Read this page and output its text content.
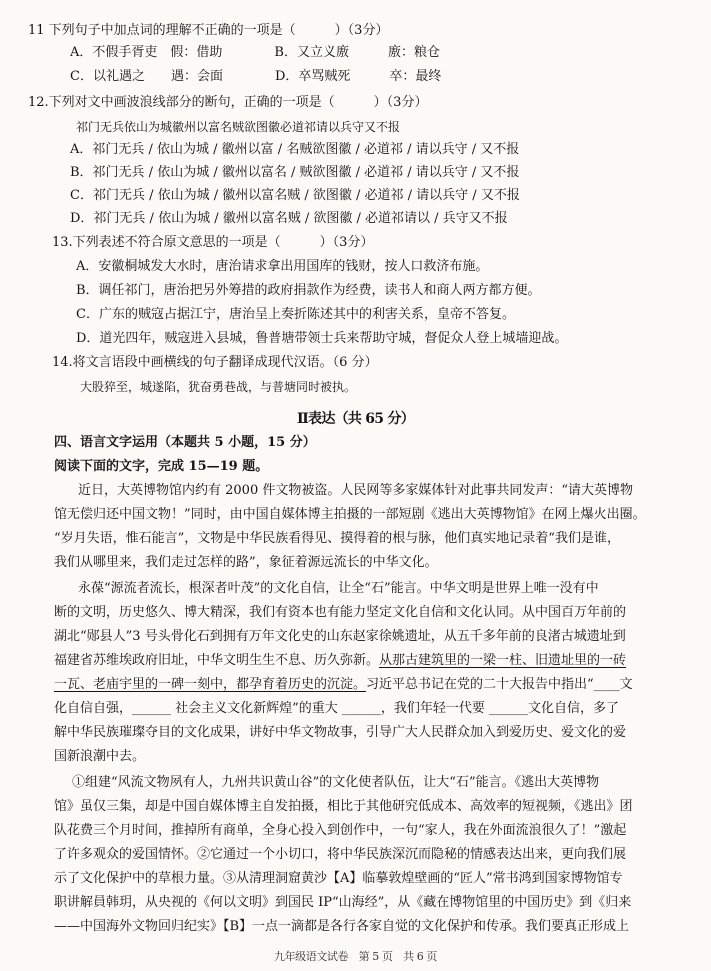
11 下列句子中加点词的理解不正确的一项是（　　　）（3分）
A．不假手胥吏　假：借助　　　　B．又立义廒　　　廒：粮仓
C．以礼遇之　　遇：会面　　　　D．卒骂贼死　　　卒：最终
12.下列对文中画波浪线部分的断句，正确的一项是（　　　）（3分）
祁门无兵依山为城徽州以富名贼欲图徽必道祁请以兵守又不报
A．祁门无兵 / 依山为城 / 徽州以富 / 名贼欲图徽 / 必道祁 / 请以兵守 / 又不报
B．祁门无兵 / 依山为城 / 徽州以富名 / 贼欲图徽 / 必道祁 / 请以兵守 / 又不报
C．祁门无兵 / 依山为城 / 徽州以富名贼 / 欲图徽 / 必道祁 / 请以兵守 / 又不报
D．祁门无兵 / 依山为城 / 徽州以富名贼 / 欲图徽 / 必道祁请以 / 兵守又不报
13.下列表述不符合原文意思的一项是（　　　）（3分）
A．安徽桐城发大水时，唐治请求拿出用国库的钱财，按人口救济布施。
B．调任祁门，唐治把另外筹措的政府捐款作为经费，读书人和商人两方都方便。
C．广东的贼寇占据江宁，唐治呈上奏折陈述其中的利害关系，皇帝不答复。
D．道光四年，贼寇进入县城，鲁普塘带领士兵来帮助守城，督促众人登上城墙迎战。
14.将文言语段中画横线的句子翻译成现代汉语。（6 分）
大股猝至，城遂陷，犹奋勇巷战，与普塘同时被执。
Ⅱ表达（共 65 分）
四、语言文字运用（本题共 5 小题，15 分）
阅读下面的文字，完成 15—19 题。
近日，大英博物馆内约有 2000 件文物被盗。人民网等多家媒体针对此事共同发声：“请大英博物
馆无偿归还中国文物！”同时，由中国自媒体博主拍摄的一部短剧《逃出大英博物馆》在网上爆火出圈。
“岁月失语，惟石能言”，文物是中华民族看得见、摸得着的根与脉，他们真实地记录着“我们是谁，
我们从哪里来，我们走过怎样的路”，象征着源远流长的中华文化。
永葆“源流者流长，根深者叶茂”的文化自信，让全“石”能言。中华文明是世界上唯一没有中
断的文明，历史悠久、博大精深，我们有资本也有能力坚定文化自信和文化认同。从中国百万年前的
湖北“郧县人”3 号头骨化石到拥有万年文化史的山东赵家徐姚遗址，从五千多年前的良渚古城遗址到
福建省苏维埃政府旧址，中华文明生生不息、历久弥新。从那古建筑里的一梁一柱、旧遗址里的一砖
一瓦、老庙宇里的一碑一刻中，都孕育着历史的沉淀。习近平总书记在党的二十大报告中指出“____文
化自信自强，______ 社会主义文化新辉煌”的重大 ______，我们年轻一代要 ______文化自信，多了
解中华民族璀璨夺目的文化成果，讲好中华文物故事，引导广大人民群众加入到爱历史、爱文化的爱
国新浪潮中去。
①组建“风流文物夙有人，九州共识黄山谷”的文化使者队伍，让大“石”能言。《逃出大英博物
馆》虽仅三集，却是中国自媒体博主自发拍摄，相比于其他研究低成本、高效率的短视频，《逃出》团
队花费三个月时间，推掉所有商单，全身心投入到创作中，一句“家人，我在外面流浪很久了！”激起
了许多观众的爱国情怀。②它通过一个小切口，将中华民族深沉而隐秘的情感表达出来，更向我们展
示了文化保护中的草根力量。③从清理洞窟黄沙【A】临摹敦煌壁画的“匠人”常书鸿到国家博物馆专
职讲解員韩玥，从央视的《何以文明》到国民 IP“山海经”，从《藏在博物馆里的中国历史》到《归来
——中国海外文物回归纪实》【B】一点一滴都是各行各家自觉的文化保护和传承。我们要真正形成上
九年级语文试卷　第 5 页　共 6 页
